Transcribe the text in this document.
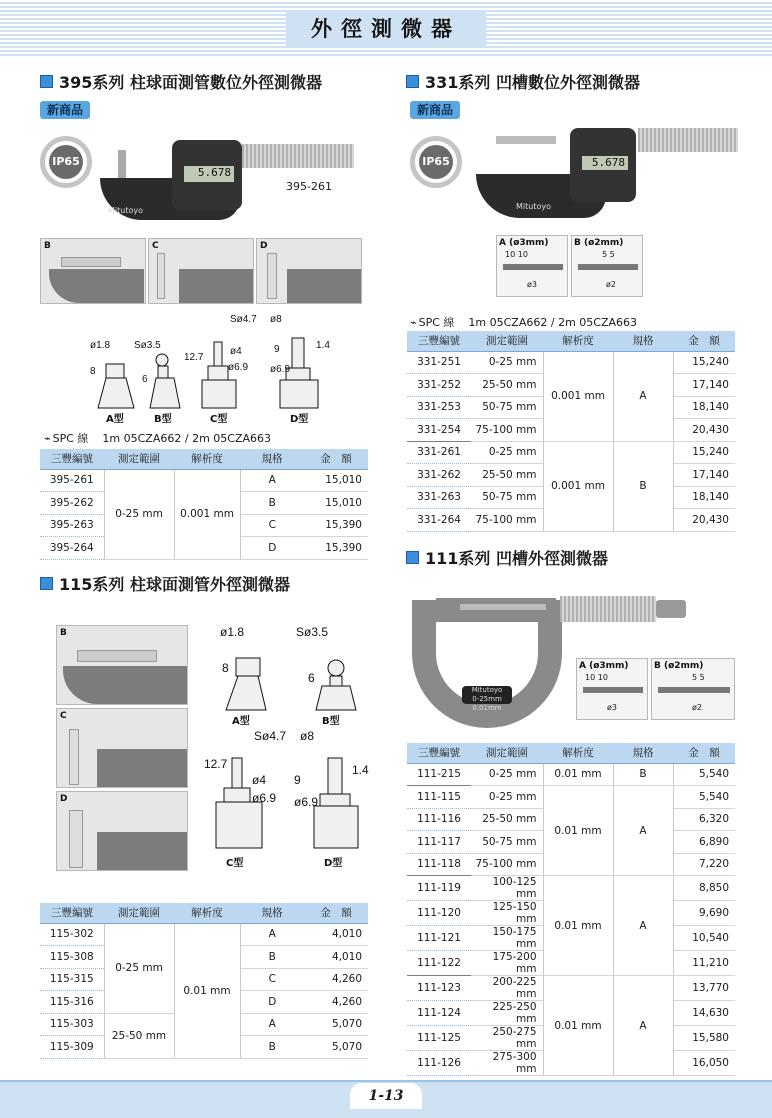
外徑測微器
395系列 柱球面測管數位外徑測微器
新商品
IP65
5.678
Mitutoyo
395-261
B	C	D
ø1.8 Sø3.5
8
6
12.7
Sø4.7
ø4
ø6.9
ø8
9	1.4
ø6.9
A型	B型	C型	D型
⌁ SPC 線 1m 05CZA662 / 2m 05CZA663
三豐編號	測定範圍	解析度	規格	金　額
395-261	0-25 mm	0.001 mm	A	15,010
395-262			B	15,010
395-263			C	15,390
395-264			D	15,390
115系列 柱球面測管外徑測微器
B
C
D
ø1.8	Sø3.5
8
6
Sø4.7 ø8
12.7
ø4
ø6.9
9
1.4
ø6.9
A型	B型
C型	D型
三豐編號	測定範圍	解析度	規格	金　額
115-302	0-25 mm	0.01 mm	A	4,010
115-308			B	4,010
115-315			C	4,260
115-316			D	4,260
115-303	25-50 mm		A	5,070
115-309			B	5,070
331系列 凹槽數位外徑測微器
新商品
IP65	5.678
Mitutoyo
A (ø3mm)
10 10
ø3
B (ø2mm)
5 5
ø2
⌁ SPC 線 1m 05CZA662 / 2m 05CZA663
三豐編號	測定範圍	解析度	規格	金　額
331-251	0-25 mm	0.001 mm	A	15,240
331-252	25-50 mm			17,140
331-253	50-75 mm			18,140
331-254	75-100 mm			20,430
331-261	0-25 mm	0.001 mm	B	15,240
331-262	25-50 mm			17,140
331-263	50-75 mm			18,140
331-264	75-100 mm			20,430
111系列 凹槽外徑測微器
Mitutoyo
0-25mm 0.01mm
A (ø3mm)
10 10
ø3
B (ø2mm)
5 5
ø2
三豐編號	測定範圍	解析度	規格	金　額
111-215	0-25 mm	0.01 mm	B	5,540
111-115	0-25 mm	0.01 mm	A	5,540
111-116	25-50 mm			6,320
111-117	50-75 mm			6,890
111-118	75-100 mm			7,220
111-119	100-125 mm	0.01 mm	A	8,850
111-120	125-150 mm			9,690
111-121	150-175 mm			10,540
111-122	175-200 mm			11,210
111-123	200-225 mm	0.01 mm	A	13,770
111-124	225-250 mm			14,630
111-125	250-275 mm			15,580
111-126	275-300 mm			16,050
1-13
